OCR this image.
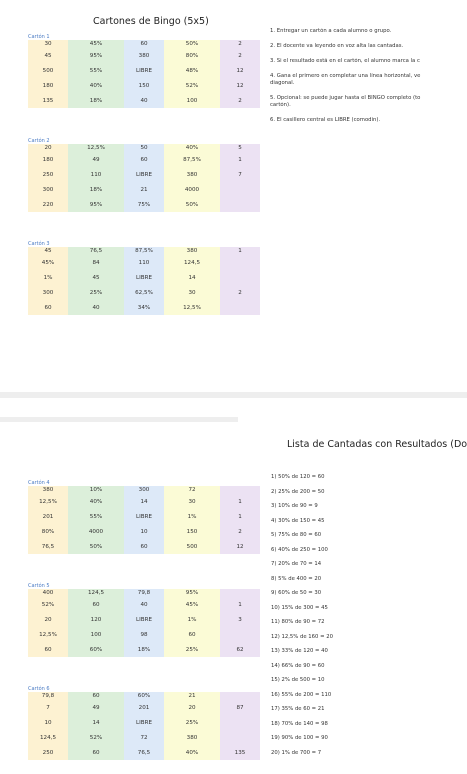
Cartones de Bingo (5x5)
1. Entregar un cartón a cada alumno o grupo.
2. El docente va leyendo en voz alta las cantadas.
3. Si el resultado está en el cartón, el alumno marca la c
4. Gana el primero en completar una línea horizontal, ve
diagonal.
5. Opcional: se puede jugar hasta el BINGO completo (to
cartón).
6. El casillero central es LIBRE (comodín).
Cartón 1
30	45%	60	50%	2
45	95%	380	80%	2
500	55%	LIBRE	48%	12
180	40%	150	52%	12
135	18%	40	100	2
Cartón 2
20	12,5%	50	40%	5
180	49	60	87,5%	1
250	110	LIBRE	380	7
300	18%	21	4000	
220	95%	75%	50%	
Cartón 3
45	76,5	87,5%	380	1
45%	84	110	124,5	
1%	45	LIBRE	14	
300	25%	62,5%	30	2
60	40	34%	12,5%	
Lista de Cantadas con Resultados (Do
Cartón 4
380	10%	300	72	
12,5%	40%	14	30	1
201	55%	LIBRE	1%	1
80%	4000	10	150	2
76,5	50%	60	500	12
Cartón 5
400	124,5	79,8	95%	
52%	60	40	45%	1
20	120	LIBRE	1%	3
12,5%	100	98	60	
60	60%	18%	25%	62
Cartón 6
79,8	60	60%	21	
7	49	201	20	87
10	14	LIBRE	25%	
124,5	52%	72	380	
250	60	76,5	40%	135
1) 50% de 120 = 60
2) 25% de 200 = 50
3) 10% de 90 = 9
4) 30% de 150 = 45
5) 75% de 80 = 60
6) 40% de 250 = 100
7) 20% de 70 = 14
8) 5% de 400 = 20
9) 60% de 50 = 30
10) 15% de 300 = 45
11) 80% de 90 = 72
12) 12,5% de 160 = 20
13) 33% de 120 = 40
14) 66% de 90 = 60
15) 2% de 500 = 10
16) 55% de 200 = 110
17) 35% de 60 = 21
18) 70% de 140 = 98
19) 90% de 100 = 90
20) 1% de 700 = 7
